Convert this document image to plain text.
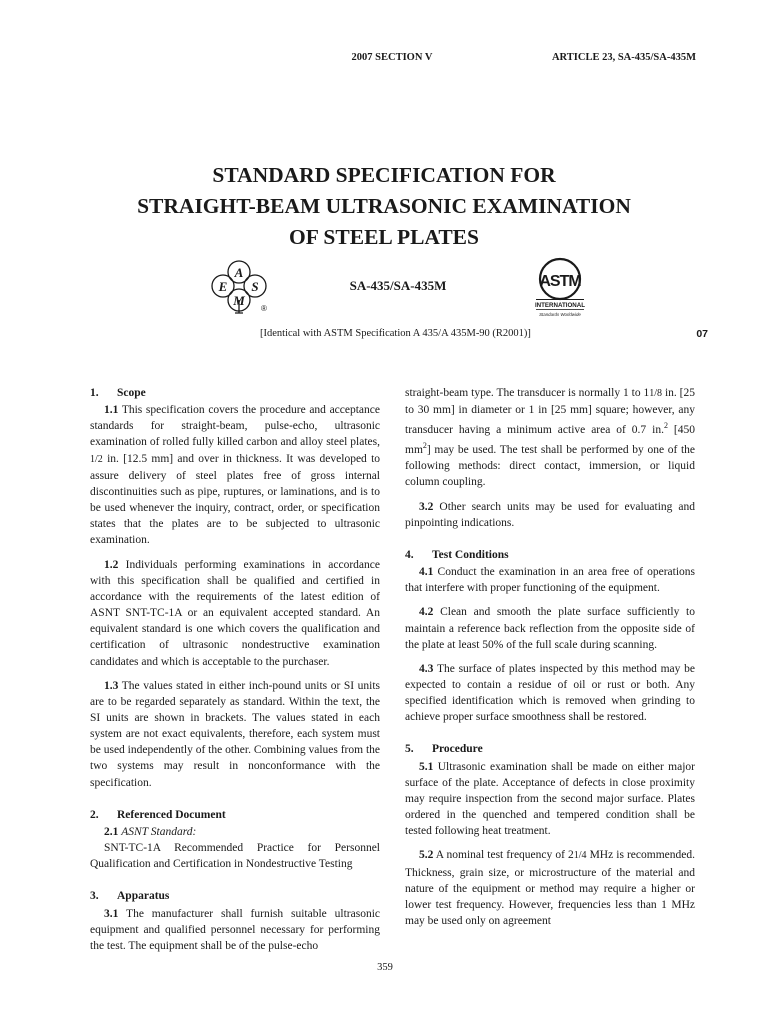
2007 SECTION V	ARTICLE 23, SA-435/SA-435M
STANDARD SPECIFICATION FOR
STRAIGHT-BEAM ULTRASONIC EXAMINATION
OF STEEL PLATES
A
S
M
E
®
SA-435/SA-435M	ASTM
INTERNATIONAL
Standards Worldwide
[Identical with ASTM Specification A 435/A 435M-90 (R2001)]	07
1. Scope

1.1 This specification covers the procedure and acceptance standards for straight-beam, pulse-echo, ultrasonic examination of rolled fully killed carbon and alloy steel plates, 1/2 in. [12.5 mm] and over in thickness. It was developed to assure delivery of steel plates free of gross internal discontinuities such as pipe, ruptures, or laminations, and is to be used whenever the inquiry, contract, order, or specification states that the plates are to be subjected to ultrasonic examination.

1.2 Individuals performing examinations in accordance with this specification shall be qualified and certified in accordance with the requirements of the latest edition of ASNT SNT-TC-1A or an equivalent accepted standard. An equivalent standard is one which covers the qualification and certification of ultrasonic nondestructive examination candidates and which is acceptable to the purchaser.

1.3 The values stated in either inch-pound units or SI units are to be regarded separately as standard. Within the text, the SI units are shown in brackets. The values stated in each system are not exact equivalents, therefore, each system must be used independently of the other. Combining values from the two systems may result in nonconformance with the specification.

2. Referenced Document

2.1 ASNT Standard:

SNT-TC-1A Recommended Practice for Personnel Qualification and Certification in Nondestructive Testing

3. Apparatus

3.1 The manufacturer shall furnish suitable ultrasonic equipment and qualified personnel necessary for performing the test. The equipment shall be of the pulse-echo

straight-beam type. The transducer is normally 1 to 11/8 in. [25 to 30 mm] in diameter or 1 in [25 mm] square; however, any transducer having a minimum active area of 0.7 in.$^2$ [450 $mm^2$] may be used. The test shall be performed by one of the following methods: direct contact, immersion, or liquid column coupling.

3.2 Other search units may be used for evaluating and pinpointing indications.

4. Test Conditions

4.1 Conduct the examination in an area free of operations that interfere with proper functioning of the equipment.

4.2 Clean and smooth the plate surface sufficiently to maintain a reference back reflection from the opposite side of the plate at least 50% of the full scale during scanning.

4.3 The surface of plates inspected by this method may be expected to contain a residue of oil or rust or both. Any specified identification which is removed when grinding to achieve proper surface smoothness shall be restored.

5. Procedure

5.1 Ultrasonic examination shall be made on either major surface of the plate. Acceptance of defects in close proximity may require inspection from the second major surface. Plates ordered in the quenched and tempered condition shall be tested following heat treatment.

5.2 A nominal test frequency of 21/4 MHz is recommended. Thickness, grain size, or microstructure of the material and nature of the equipment or method may require a higher or lower test frequency. However, frequencies less than 1 MHz may be used only on agreement

359
